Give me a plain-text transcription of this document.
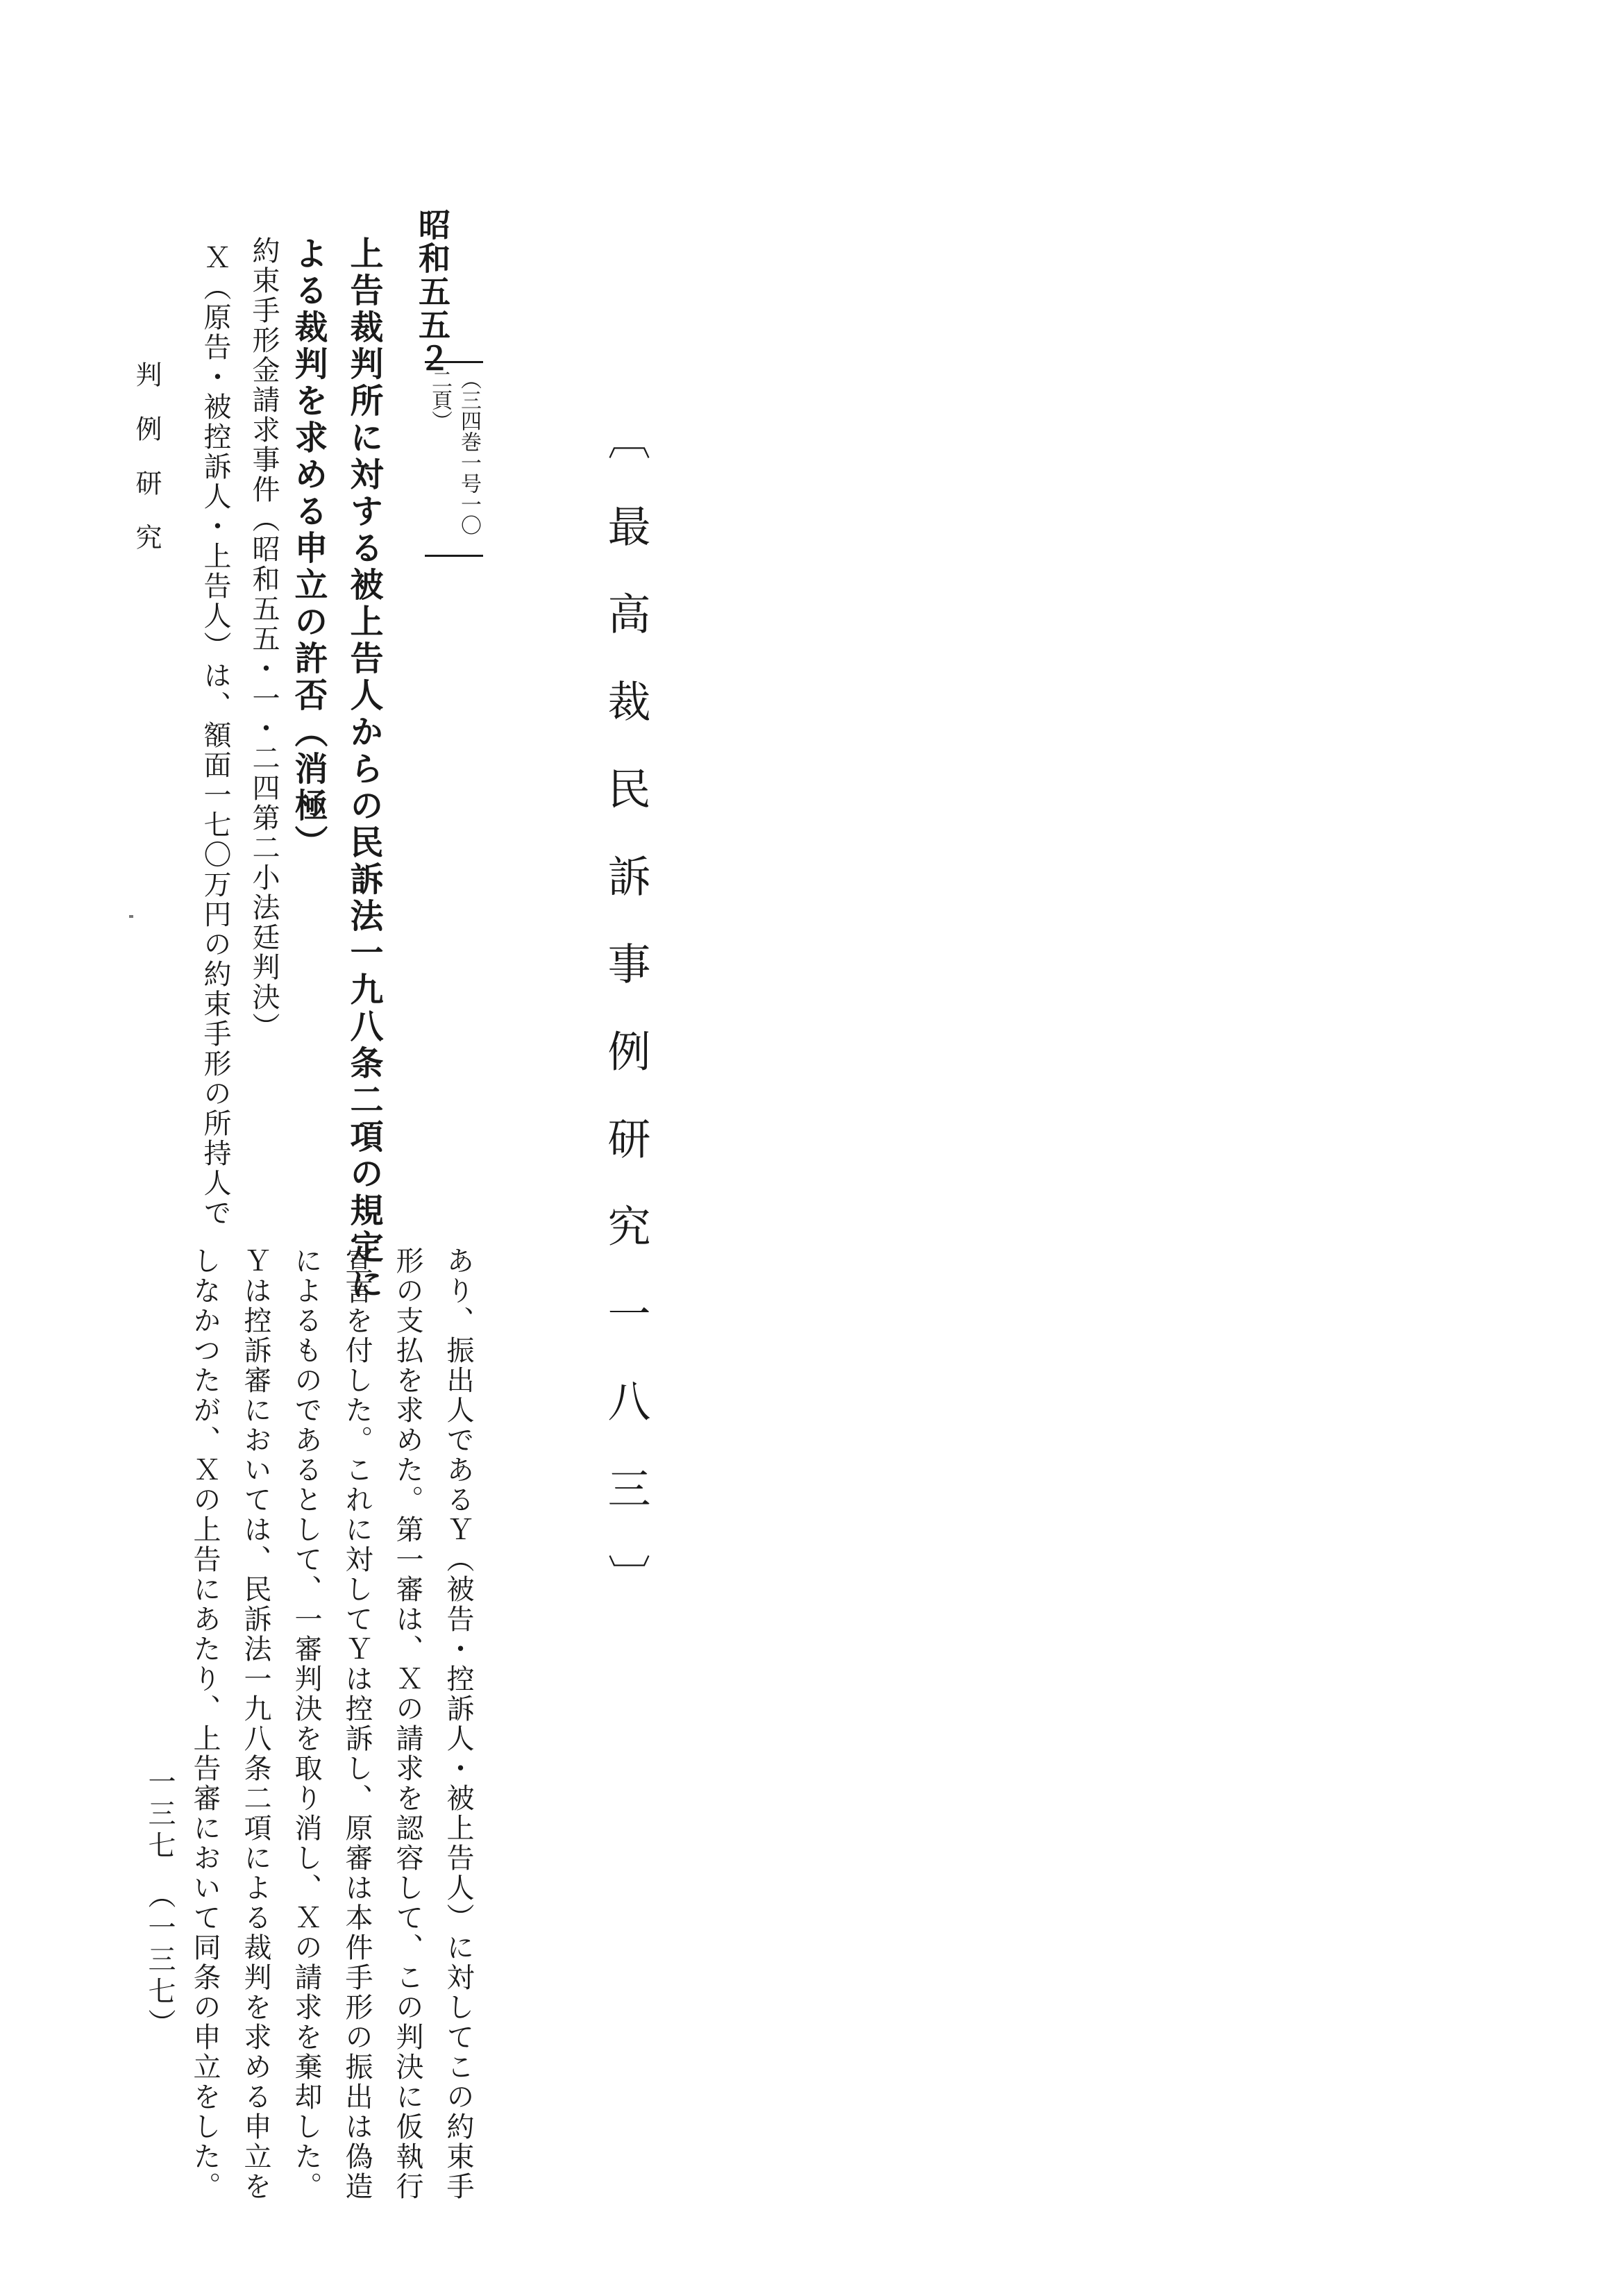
〔最高裁民訴事例研究一八三〕
昭和五五２
（三四巻一号一〇二頁）
上告裁判所に対する被上告人からの民訴法一九八条二項の規定に
よる裁判を求める申立の許否（消極）
約束手形金請求事件（昭和五五・一・二四第二小法廷判決）
Ｘ（原告・被控訴人・上告人）は、額面一七〇万円の約束手形の所持人で
あり、振出人であるＹ（被告・控訴人・被上告人）に対してこの約束手
形の支払を求めた。第一審は、Ｘの請求を認容して、この判決に仮執行
宣言を付した。これに対してＹは控訴し、原審は本件手形の振出は偽造
によるものであるとして、一審判決を取り消し、Ｘの請求を棄却した。
Ｙは控訴審においては、民訴法一九八条二項による裁判を求める申立を
しなかつたが、Ｘの上告にあたり、上告審において同条の申立をした。
判例研究
一三七　（一三七）
